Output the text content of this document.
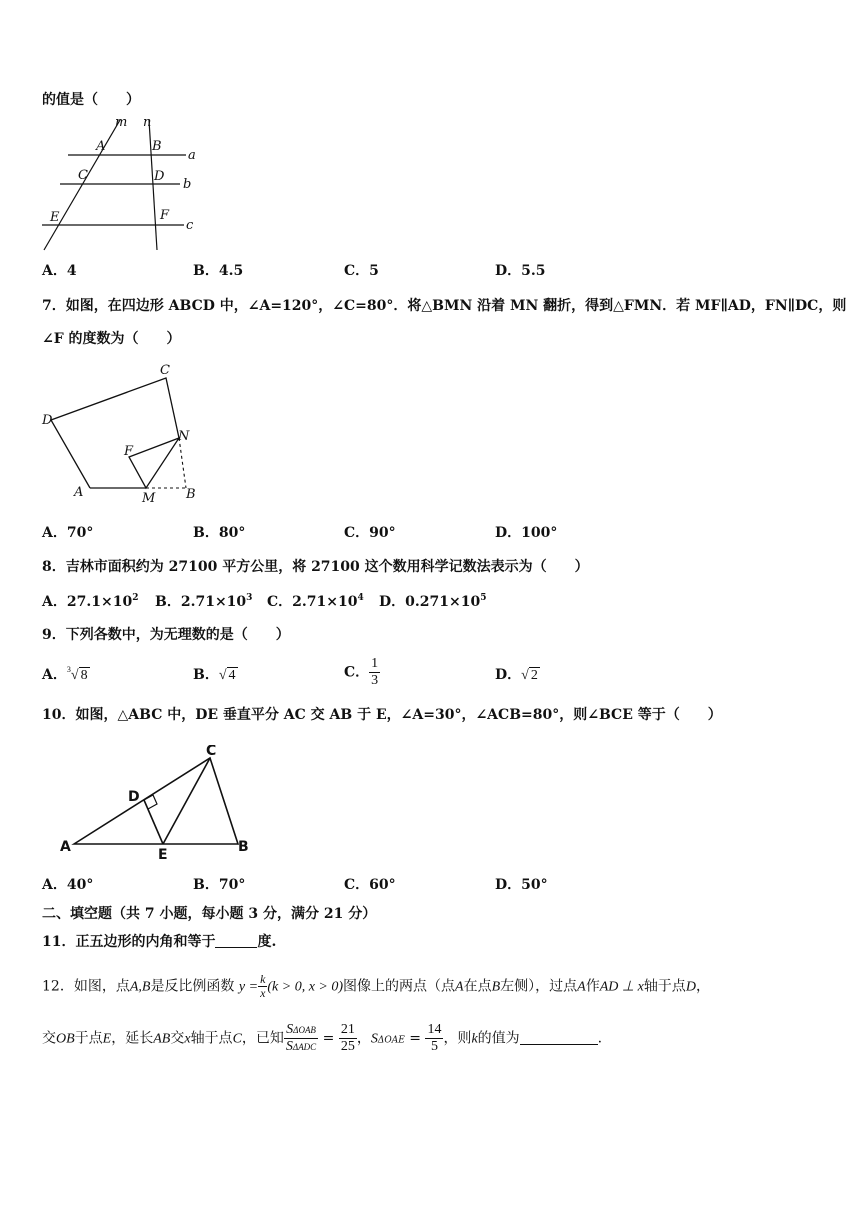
的值是（　　）
m n
A	B
C	D
E	F
a
b
c
A．4	B．4.5	C．5	D．5.5
7．如图，在四边形 ABCD 中，∠A=120°，∠C=80°．将△BMN 沿着 MN 翻折，得到△FMN．若 MF∥AD，FN∥DC，则
∠F 的度数为（　　）
D
C
N
F
A	M B
A．70°	B．80°	C．90°	D．100°
8．吉林市面积约为 27100 平方公里，将 27100 这个数用科学记数法表示为（　　）
A．$27.1\times 10^2$ B．$2.71\times 10^3$ C．$2.71\times 10^4$ D．$0.271\times 10^5$
9．下列各数中，为无理数的是（　　）
A．$^3$√ 8	B．√ 4	C． $\frac{1}{3}$	D．√ 2
10．如图，△ABC 中，DE 垂直平分 AC 交 AB 于 E，∠A=30°，∠ACB=80°，则∠BCE 等于（　　）
A
C
D
E	B
A．40°	B．70°	C．60°	D．50°
二、填空题（共 7 小题，每小题 3 分，满分 21 分）
11．正五边形的内角和等于	度.
12．如图，点A,B是反比例函数 $y = \frac{k}{x} (k > 0$, x > 0)图像上的两点（点A在点B左侧），过点A作AD ⊥ x轴于点D，
交OB于点E，延长AB交x轴于点C，已知 $\frac{\text{SΔOAB}}{\text{SΔADC}} = \frac{21}{25}$ ，$S\Delta OAE = \frac{14}{5}$ ，则k的值为	.
